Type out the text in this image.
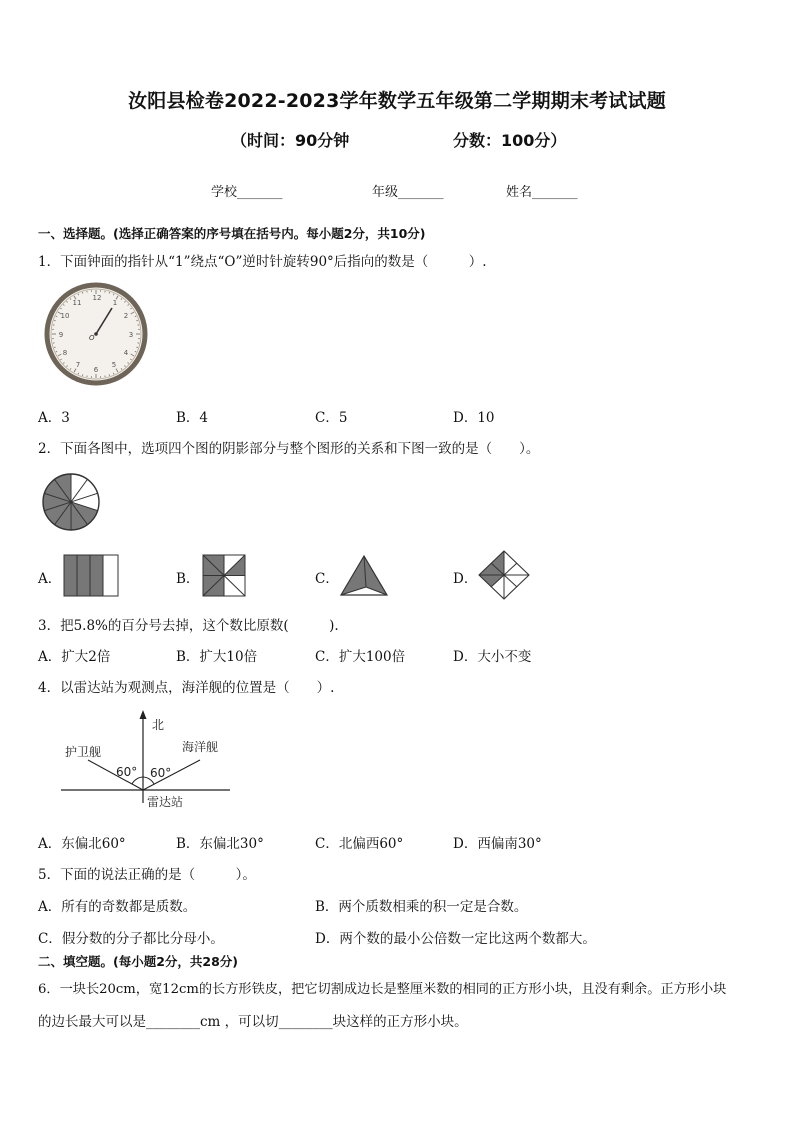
汝阳县检卷2022-2023学年数学五年级第二学期期末考试试题
（时间：90分钟	分数：100分）
学校_______	年级_______	姓名_______
一、选择题。(选择正确答案的序号填在括号内。每小题2分，共10分)
1．下面钟面的指针从“1”绕点“O”逆时针旋转90°后指向的数是（　　　）.
12
1
2
3
4
5
6
7
8
9
10
11
O
A．3	B．4	C．5	D．10
2．下面各图中，选项四个图的阴影部分与整个图形的关系和下图一致的是（　　）。
A．	B．	C．	D．
3．把5.8%的百分号去掉，这个数比原数(　　　).
A．扩大2倍	B．扩大10倍	C．扩大100倍	D．大小不变
4．以雷达站为观测点，海洋舰的位置是（　　）.
北
护卫舰	海洋舰
60° 60°
雷达站
A．东偏北60°	B．东偏北30°	C．北偏西60°	D．西偏南30°
5．下面的说法正确的是（　　　）。
A．所有的奇数都是质数。	B．两个质数相乘的积一定是合数。
C．假分数的分子都比分母小。	D．两个数的最小公倍数一定比这两个数都大。
二、填空题。(每小题2分，共28分)
6．一块长20cm，宽12cm的长方形铁皮，把它切割成边长是整厘米数的相同的正方形小块，且没有剩余。正方形小块
的边长最大可以是________cm ，可以切________块这样的正方形小块。
